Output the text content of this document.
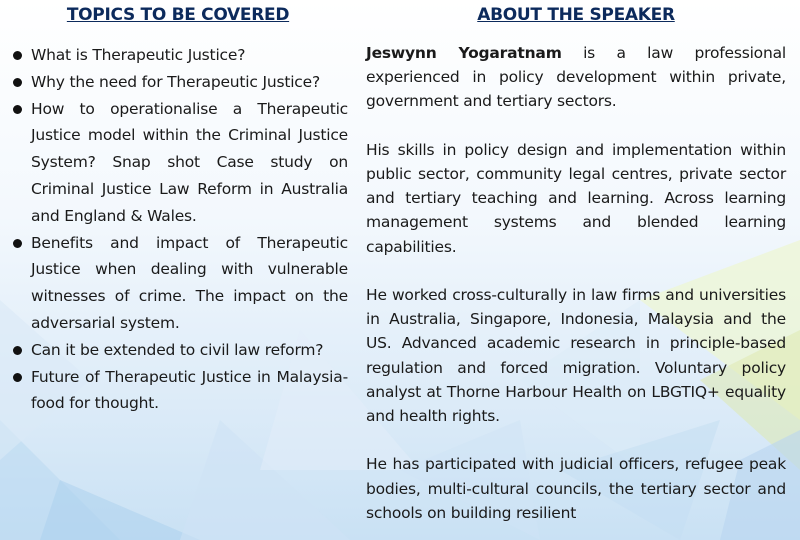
TOPICS TO BE COVERED
What is Therapeutic Justice?
Why the need for Therapeutic Justice?
How to operationalise a Therapeutic Justice model within the Criminal Justice System? Snap shot Case study on Criminal Justice Law Reform in Australia and England & Wales.
Benefits and impact of Therapeutic Justice when dealing with vulnerable witnesses of crime. The impact on the adversarial system.
Can it be extended to civil law reform?
Future of Therapeutic Justice in Malaysia- food for thought.
ABOUT THE SPEAKER

Jeswynn Yogaratnam is a law professional experienced in policy development within private, government and tertiary sectors.

His skills in policy design and implementation within public sector, community legal centres, private sector and tertiary teaching and learning. Across learning management systems and blended learning capabilities.

He worked cross-culturally in law firms and universities in Australia, Singapore, Indonesia, Malaysia and the US. Advanced academic research in principle-based regulation and forced migration. Voluntary policy analyst at Thorne Harbour Health on LBGTIQ+ equality and health rights.

He has participated with judicial officers, refugee peak bodies, multi-cultural councils, the tertiary sector and schools on building resilient
